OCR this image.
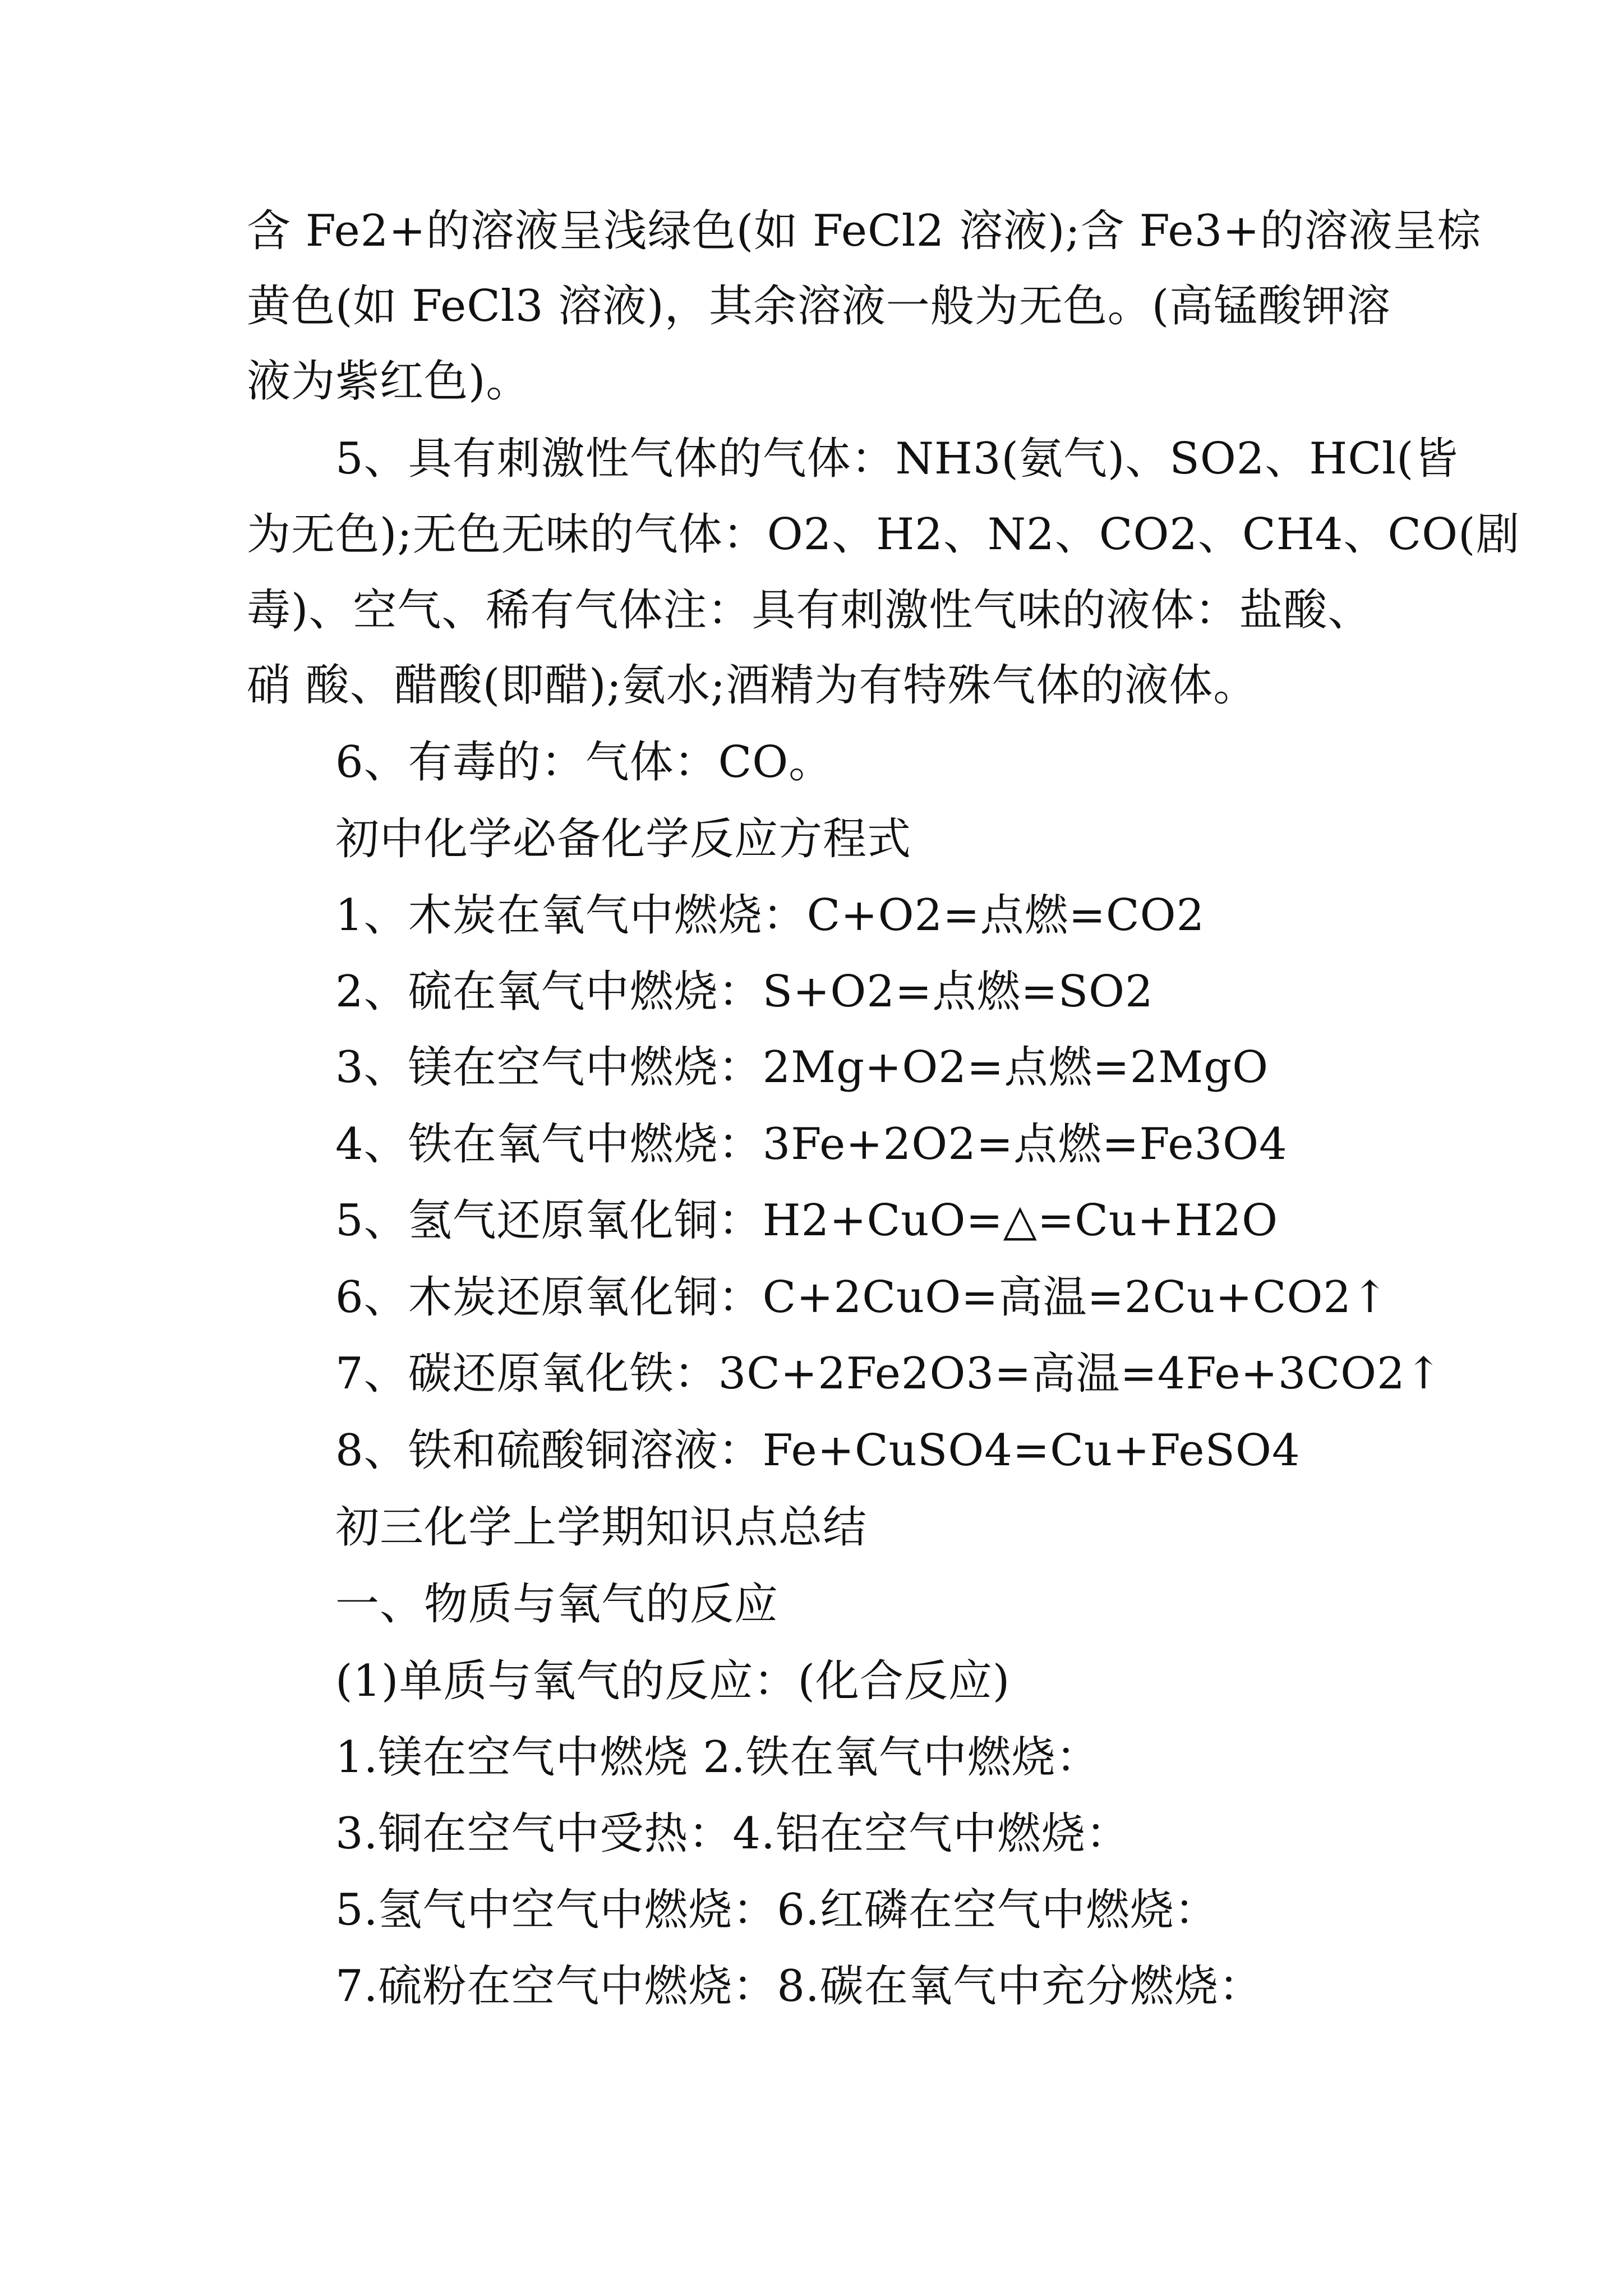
含 Fe2+的溶液呈浅绿色(如 FeCl2 溶液);含 Fe3+的溶液呈棕
黄色(如 FeCl3 溶液)，其余溶液一般为无色。(高锰酸钾溶
液为紫红色)。
5、具有刺激性气体的气体：NH3(氨气)、SO2、HCl(皆
为无色);无色无味的气体：O2、H2、N2、CO2、CH4、CO(剧
毒)、空气、稀有气体注：具有刺激性气味的液体：盐酸、
硝 酸、醋酸(即醋);氨水;酒精为有特殊气体的液体。
6、有毒的：气体：CO。
初中化学必备化学反应方程式
1、木炭在氧气中燃烧：C+O2=点燃=CO2
2、硫在氧气中燃烧：S+O2=点燃=SO2
3、镁在空气中燃烧：2Mg+O2=点燃=2MgO
4、铁在氧气中燃烧：3Fe+2O2=点燃=Fe3O4
5、氢气还原氧化铜：H2+CuO=△=Cu+H2O
6、木炭还原氧化铜：C+2CuO=高温=2Cu+CO2↑
7、碳还原氧化铁：3C+2Fe2O3=高温=4Fe+3CO2↑
8、铁和硫酸铜溶液：Fe+CuSO4=Cu+FeSO4
初三化学上学期知识点总结
一、物质与氧气的反应
(1)单质与氧气的反应：(化合反应)
1.镁在空气中燃烧 2.铁在氧气中燃烧：
3.铜在空气中受热：4.铝在空气中燃烧：
5.氢气中空气中燃烧：6.红磷在空气中燃烧：
7.硫粉在空气中燃烧：8.碳在氧气中充分燃烧：
